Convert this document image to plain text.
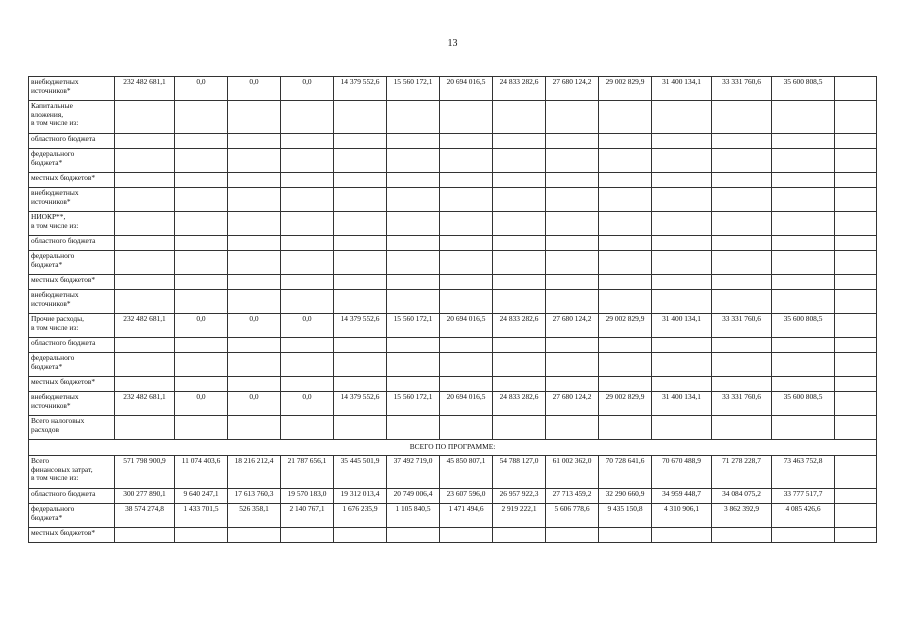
13
внебюджетных
источников*	232 482 681,1	0,0	0,0	0,0	14 379 552,6	15 560 172,1	20 694 016,5	24 833 282,6	27 680 124,2	29 002 829,9	31 400 134,1	33 331 760,6	35 600 808,5	
Капитальные
вложения,
в том числе из:														
областного бюджета														
федерального
бюджета*														
местных бюджетов*														
внебюджетных
источников*														
НИОКР**,
в том числе из:														
областного бюджета														
федерального
бюджета*														
местных бюджетов*														
внебюджетных
источников*														
Прочие расходы,
в том числе из:	232 482 681,1	0,0	0,0	0,0	14 379 552,6	15 560 172,1	20 694 016,5	24 833 282,6	27 680 124,2	29 002 829,9	31 400 134,1	33 331 760,6	35 600 808,5	
областного бюджета														
федерального
бюджета*														
местных бюджетов*														
внебюджетных
источников*	232 482 681,1	0,0	0,0	0,0	14 379 552,6	15 560 172,1	20 694 016,5	24 833 282,6	27 680 124,2	29 002 829,9	31 400 134,1	33 331 760,6	35 600 808,5	
Всего налоговых
расходов														
ВСЕГО ПО ПРОГРАММЕ:														
Всего
финансовых затрат,
в том числе из:	571 798 900,9	11 074 403,6	18 216 212,4	21 787 656,1	35 445 501,9	37 492 719,0	45 850 807,1	54 788 127,0	61 002 362,0	70 728 641,6	70 670 488,9	71 278 228,7	73 463 752,8	
областного бюджета	300 277 890,1	9 640 247,1	17 613 760,3	19 570 183,0	19 312 013,4	20 749 006,4	23 607 596,0	26 957 922,3	27 713 459,2	32 290 660,9	34 959 448,7	34 084 075,2	33 777 517,7	
федерального
бюджета*	38 574 274,8	1 433 701,5	526 358,1	2 140 767,1	1 676 235,9	1 105 840,5	1 471 494,6	2 919 222,1	5 606 778,6	9 435 150,8	4 310 906,1	3 862 392,9	4 085 426,6	
местных бюджетов*														
